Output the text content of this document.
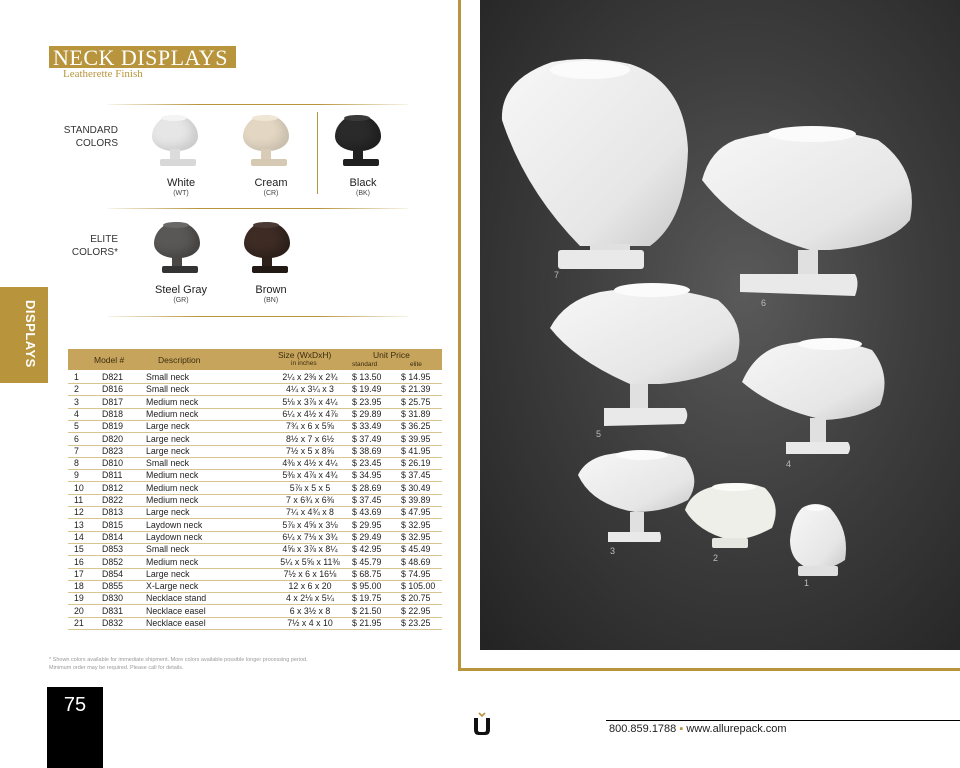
NECK DISPLAYS
Leatherette Finish
STANDARD
COLORS
White
(WT)
Cream
(CR)
Black
(BK)
ELITE
COLORS*
Steel Gray
(GR)
Brown
(BN)
DISPLAYS	Model #	Description	Size (WxDxH)
in inches
Unit Price
standard	elite
1	D821	Small neck	2¼ x 2⅜ x 2¾	$ 13.50 $ 14.95
2	D816	Small neck	4¼ x 3¼ x 3	$ 19.49 $ 21.39
3	D817	Medium neck	5⅛ x 3⅞ x 4¼	$ 23.95 $ 25.75
4	D818	Medium neck	6¼ x 4½ x 4⅞	$ 29.89 $ 31.89
5	D819	Large neck	7¾ x 6 x 5⅝	$ 33.49 $ 36.25
6	D820	Large neck	8½ x 7 x 6½	$ 37.49 $ 39.95
7	D823	Large neck	7½ x 5 x 8⅝	$ 38.69 $ 41.95
8	D810	Small neck	4⅜ x 4½ x 4¼	$ 23.45 $ 26.19
9	D811	Medium neck	5⅜ x 4⅞ x 4¾	$ 34.95 $ 37.45
10 D812	Medium neck	5⅞ x 5 x 5	$ 28.69 $ 30.49
11 D822	Medium neck	7 x 6¾ x 6⅜	$ 37.45 $ 39.89
12 D813	Large neck	7¼ x 4¾ x 8	$ 43.69 $ 47.95
13 D815	Laydown neck	5⅞ x 4⅝ x 3⅛	$ 29.95 $ 32.95
14 D814	Laydown neck	6¼ x 7⅛ x 3¾	$ 29.49 $ 32.95
15 D853	Small neck	4⅝ x 3⅞ x 8¼	$ 42.95 $ 45.49
16 D852	Medium neck	5¼ x 5⅝ x 11⅜	$ 45.79 $ 48.69
17 D854	Large neck	7½ x 6 x 16⅛	$ 68.75 $ 74.95
18 D855	X-Large neck	12 x 6 x 20	$ 95.00 $ 105.00
19 D830	Necklace stand	4 x 2⅛ x 5¼	$ 19.75 $ 20.75
20 D831	Necklace easel	6 x 3½ x 8	$ 21.50 $ 22.95
21 D832	Necklace easel	7½ x 4 x 10	$ 21.95 $ 23.25
* Shown colors available for immediate shipment. More colors available possible longer processing period.
Minimum order may be required. Please call for details.
75
7
6
5
4
3
2
1
800.859.1788 ▪ www.allurepack.com
